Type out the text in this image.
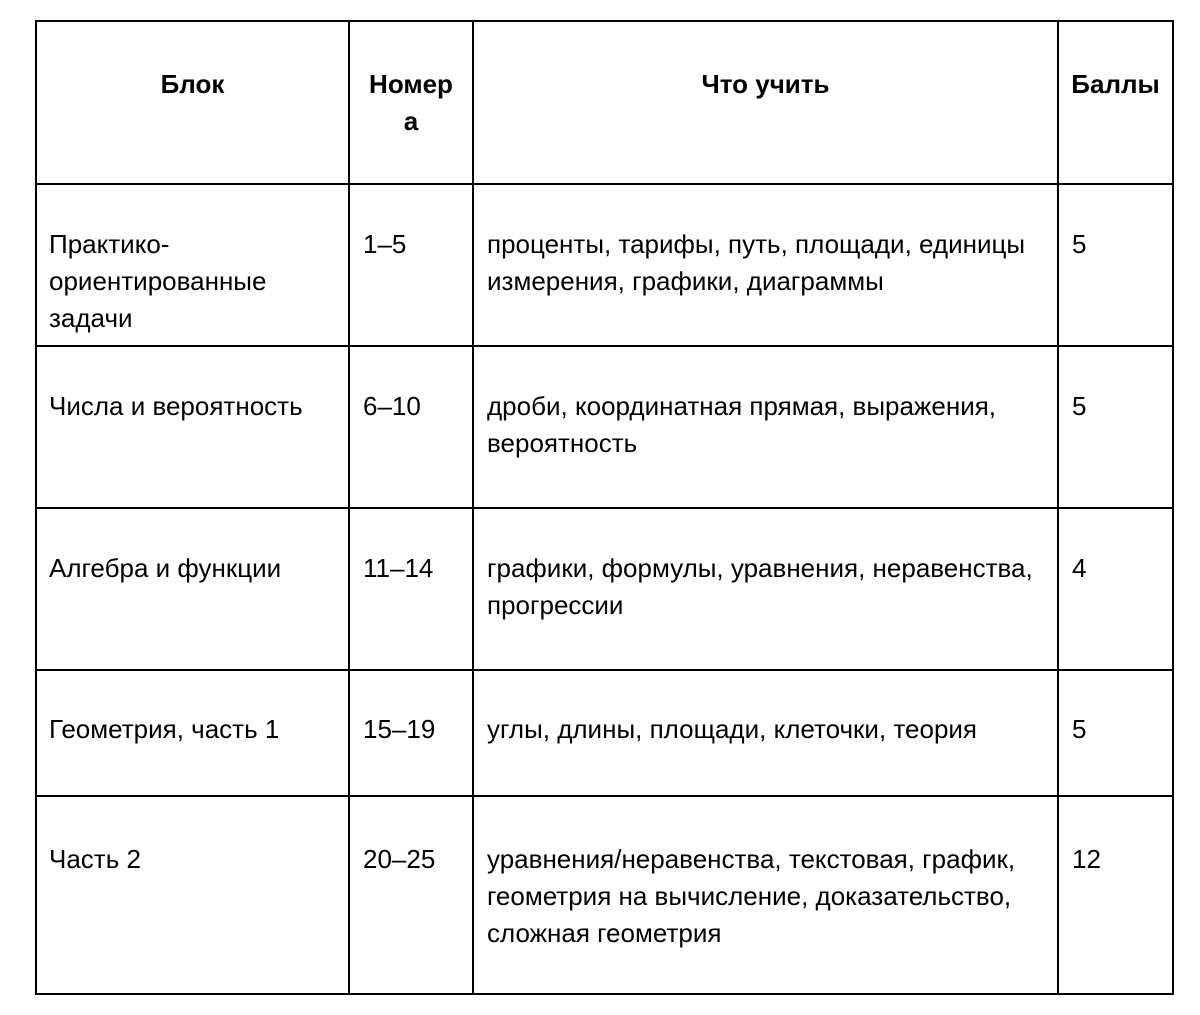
Блок	Номера	Что учить	Баллы

Практико-ориентированные задачи	1–5	проценты, тарифы, путь, площади, единицы измерения, графики, диаграммы	5

Числа и вероятность	6–10	дроби, координатная прямая, выражения, вероятность	5

Алгебра и функции	11–14	графики, формулы, уравнения, неравенства, прогрессии	4

Геометрия, часть 1	15–19	углы, длины, площади, клеточки, теория	5

Часть 2	20–25	уравнения/неравенства, текстовая, график, геометрия на вычисление, доказательство, сложная геометрия	12
